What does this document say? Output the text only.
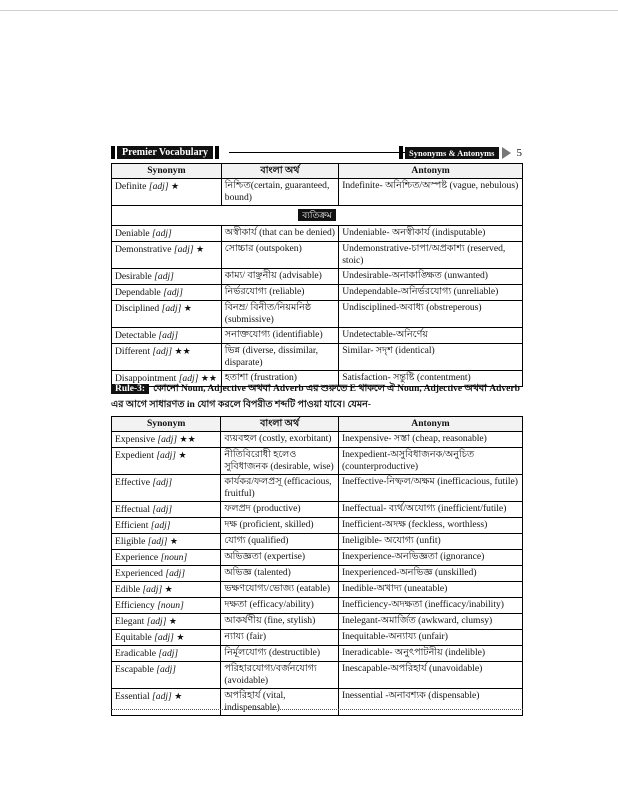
Premier Vocabulary	Synonyms & Antonyms	5
Synonym	বাংলা অর্থ	Antonym
Definite [adj] ★	নিশ্চিত(certain, guaranteed, bound)	Indefinite- অনিশ্চিত/অস্পষ্ট (vague, nebulous)
ব্যতিক্রম		
Deniable [adj]	অস্বীকার্য (that can be denied)	Undeniable- অনস্বীকার্য (indisputable)
Demonstrative [adj] ★	সোচ্চার (outspoken)	Undemonstrative-চাপা/অপ্রকাশ্য (reserved, stoic)
Desirable [adj]	কাম্য/ বাঞ্ছনীয় (advisable)	Undesirable-অনাকাঙ্ক্ষিত (unwanted)
Dependable [adj]	নির্ভরযোগ্য (reliable)	Undependable-অনির্ভরযোগ্য (unreliable)
Disciplined [adj] ★	বিনম্র/ বিনীত/নিয়মনিষ্ঠ (submissive)	Undisciplined-অবাধ্য (obstreperous)
Detectable [adj]	সনাক্তযোগ্য (identifiable)	Undetectable-অনির্ণেয়
Different [adj] ★★	ভিন্ন (diverse, dissimilar, disparate)	Similar- সদৃশ (identical)
Disappointment [adj] ★★	হতাশা (frustration)	Satisfaction- সন্তুষ্টি (contentment)
Rule-3: কোনো Noun, Adjective অথবা Adverb এর শুরুতে E থাকলে ঐ Noun, Adjective অথবা Adverb এর আগে সাধারণত in যোগ করলে বিপরীত শব্দটি পাওয়া যাবে। যেমন-
Synonym	বাংলা অর্থ	Antonym
Expensive [adj] ★★	ব্যয়বহুল (costly, exorbitant)	Inexpensive- সস্তা (cheap, reasonable)
Expedient [adj] ★	নীতিবিরোধী হলেও সুবিধাজনক (desirable, wise)	Inexpedient-অসুবিধাজনক/অনুচিত (counterproductive)
Effective [adj]	কার্যকর/ফলপ্রসূ (efficacious, fruitful)	Ineffective-নিষ্ফল/অক্ষম (inefficacious, futile)
Effectual [adj]	ফলপ্রদ (productive)	Ineffectual- ব্যর্থ/অযোগ্য (inefficient/futile)
Efficient [adj]	দক্ষ (proficient, skilled)	Inefficient-অদক্ষ (feckless, worthless)
Eligible [adj] ★	যোগ্য (qualified)	Ineligible- অযোগ্য (unfit)
Experience [noun]	অভিজ্ঞতা (expertise)	Inexperience-অনভিজ্ঞতা (ignorance)
Experienced [adj]	অভিজ্ঞ (talented)	Inexperienced-অনভিজ্ঞ (unskilled)
Edible [adj] ★	ভক্ষণযোগ্য/ভোজ্য (eatable)	Inedible-অখাদ্য (uneatable)
Efficiency [noun]	দক্ষতা (efficacy/ability)	Inefficiency-অদক্ষতা (inefficacy/inability)
Elegant [adj] ★	আকর্ষণীয় (fine, stylish)	Inelegant-অমার্জিত (awkward, clumsy)
Equitable [adj] ★	ন্যায্য (fair)	Inequitable-অন্যায্য (unfair)
Eradicable [adj]	নির্মূলযোগ্য (destructible)	Ineradicable- অনুৎপাটনীয় (indelible)
Escapable [adj]	পরিহারযোগ্য/বর্জনযোগ্য (avoidable)	Inescapable-অপরিহার্য (unavoidable)
Essential [adj] ★	অপরিহার্য (vital, indispensable)	Inessential -অনাবশ্যক (dispensable)
